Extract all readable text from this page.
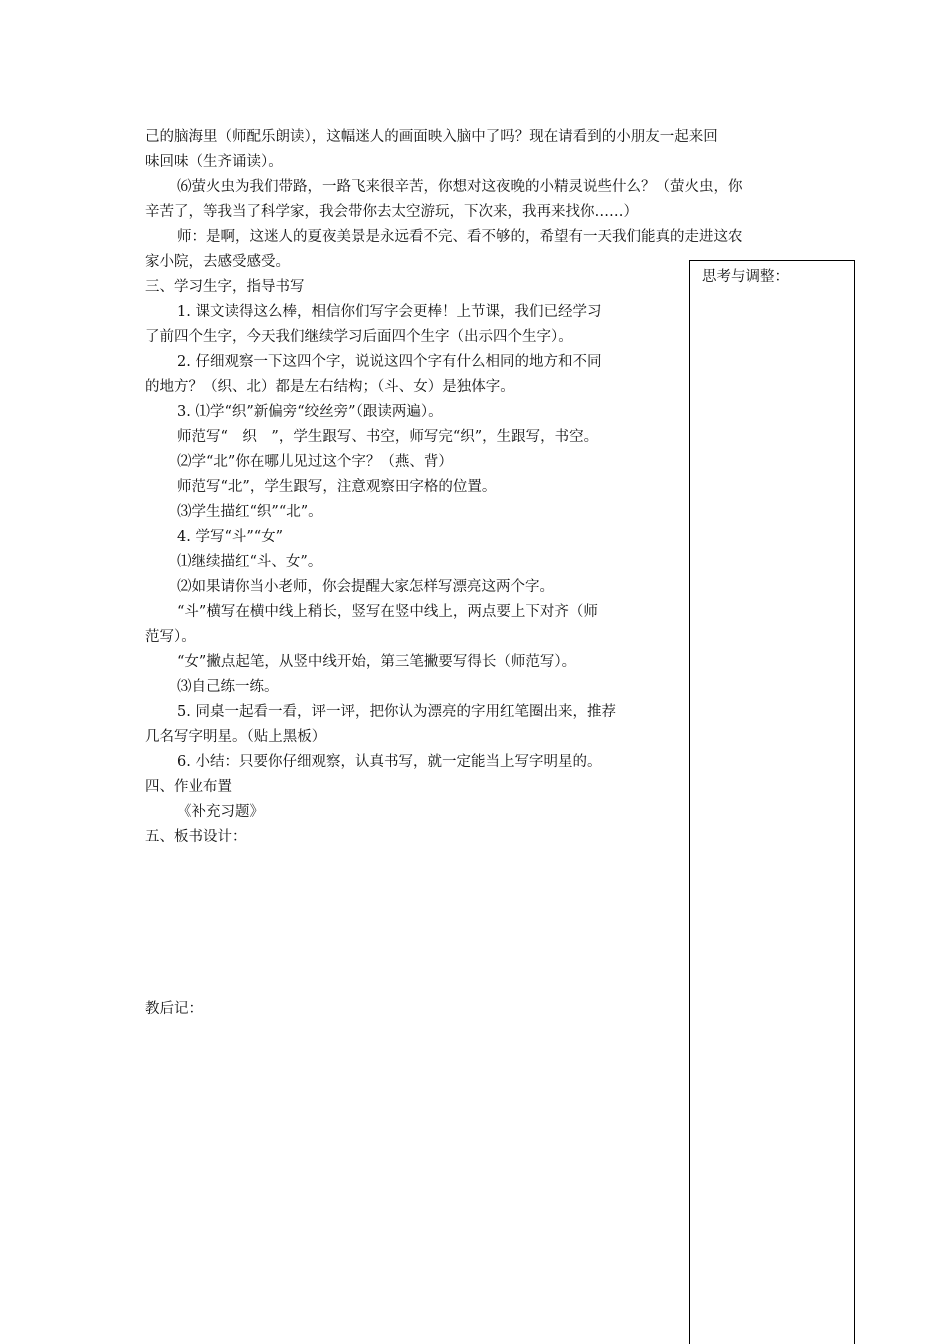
己的脑海里（师配乐朗读），这幅迷人的画面映入脑中了吗？现在请看到的小朋友一起来回
味回味（生齐诵读）。
⑹萤火虫为我们带路，一路飞来很辛苦，你想对这夜晚的小精灵说些什么？（萤火虫，你
辛苦了，等我当了科学家，我会带你去太空游玩，下次来，我再来找你……）
师：是啊，这迷人的夏夜美景是永远看不完、看不够的，希望有一天我们能真的走进这农
家小院，去感受感受。
三、学习生字，指导书写
1. 课文读得这么棒，相信你们写字会更棒！上节课，我们已经学习
了前四个生字，今天我们继续学习后面四个生字（出示四个生字）。
2. 仔细观察一下这四个字，说说这四个字有什么相同的地方和不同
的地方？（织、北）都是左右结构；（斗、女）是独体字。
3. ⑴学“织”新偏旁“绞丝旁”（跟读两遍）。
师范写“　织　”，学生跟写、书空，师写完“织”，生跟写，书空。
⑵学“北”你在哪儿见过这个字？（燕、背）
师范写“北”，学生跟写，注意观察田字格的位置。
⑶学生描红“织”“北”。
4. 学写“斗”“女”
⑴继续描红“斗、女”。
⑵如果请你当小老师，你会提醒大家怎样写漂亮这两个字。
“斗”横写在横中线上稍长，竖写在竖中线上，两点要上下对齐（师
范写）。
“女”撇点起笔，从竖中线开始，第三笔撇要写得长（师范写）。
⑶自己练一练。
5. 同桌一起看一看，评一评，把你认为漂亮的字用红笔圈出来，推荐
几名写字明星。（贴上黑板）
6. 小结：只要你仔细观察，认真书写，就一定能当上写字明星的。
四、作业布置
《补充习题》
五、板书设计：
教后记：
思考与调整：
